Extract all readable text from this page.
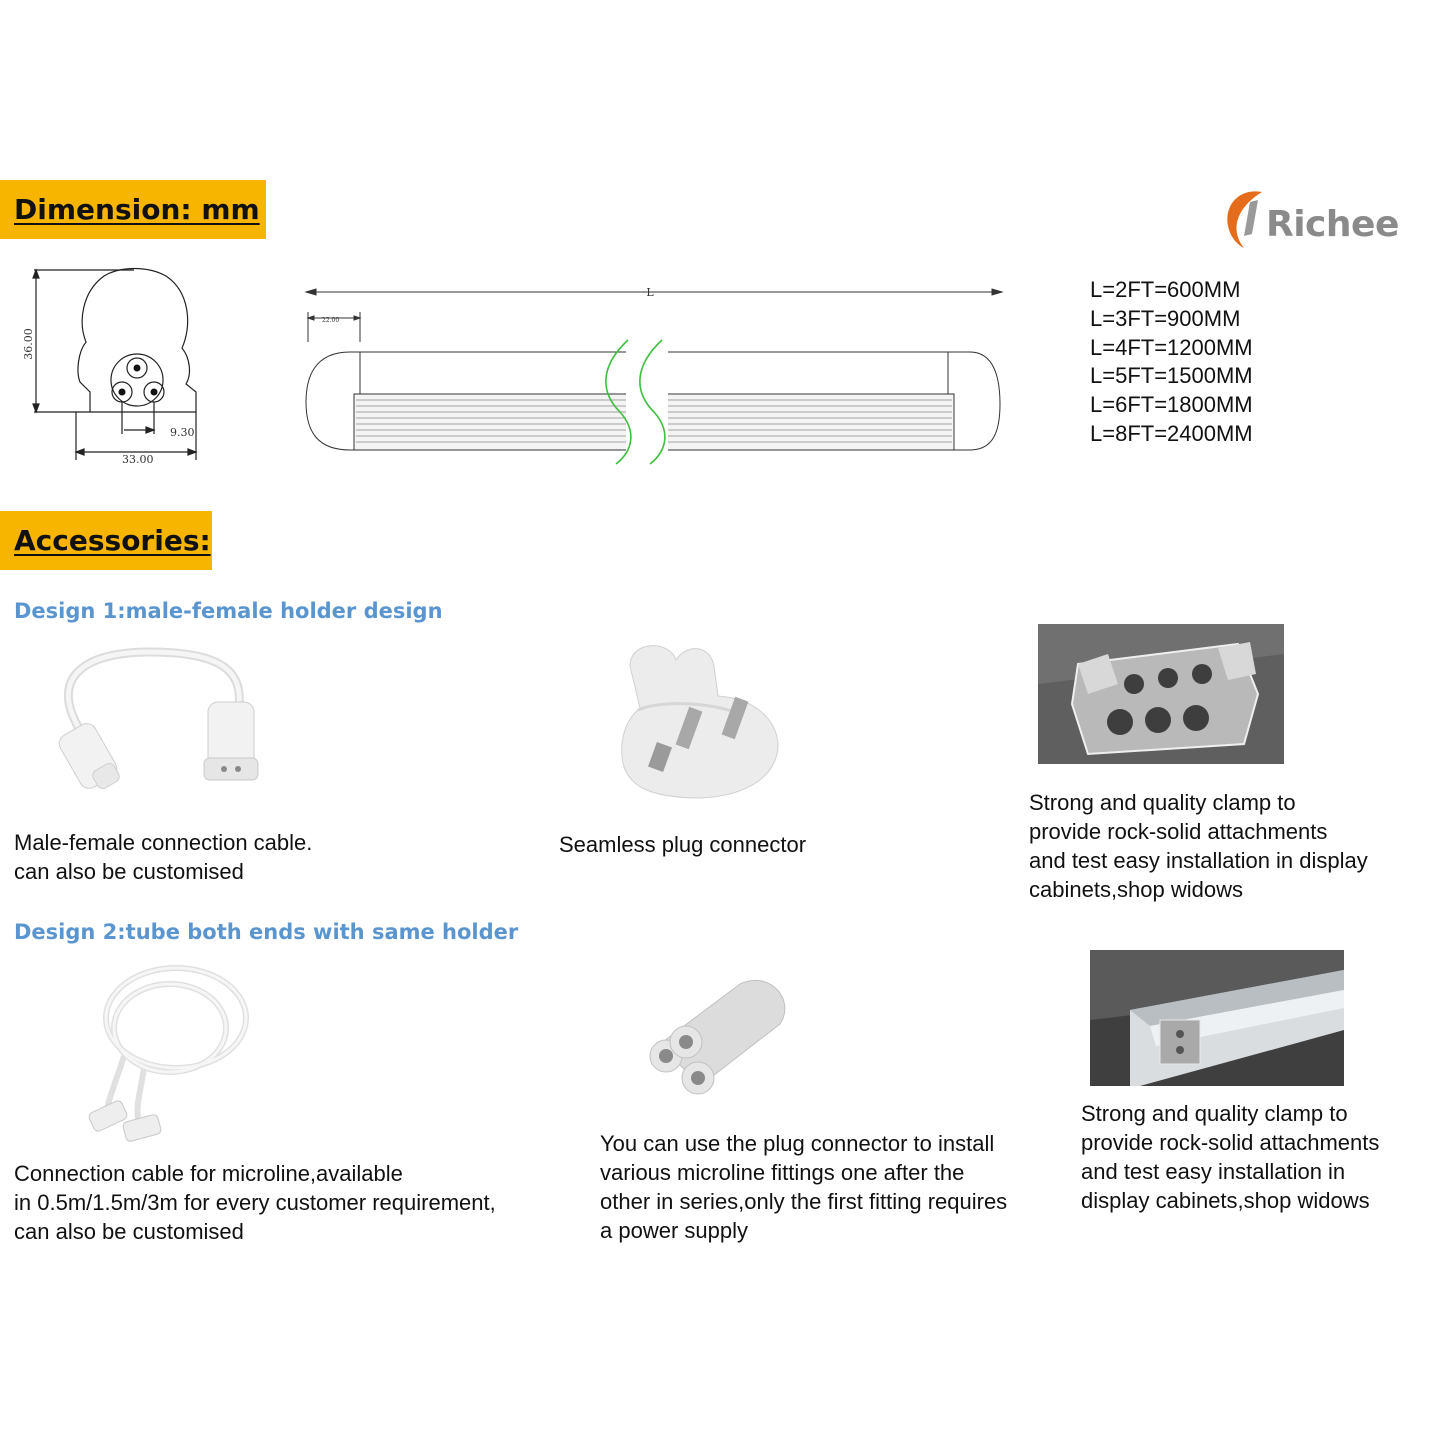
Dimension: mm	Richee
36.00
9.30
33.00
L
22.00
L=2FT=600MM
L=3FT=900MM
L=4FT=1200MM
L=5FT=1500MM
L=6FT=1800MM
L=8FT=2400MM
Accessories:
Design 1:male-female holder design
Male-female connection cable.
can also be customised
Seamless plug connector
Strong and quality clamp to
provide rock-solid attachments
and test easy installation in display
cabinets,shop widows
Design 2:tube both ends with same holder
Connection cable for microline,available
in 0.5m/1.5m/3m for every customer requirement,
can also be customised
You can use the plug connector to install
various microline fittings one after the
other in series,only the first fitting requires
a power supply
Strong and quality clamp to
provide rock-solid attachments
and test easy installation in
display cabinets,shop widows
